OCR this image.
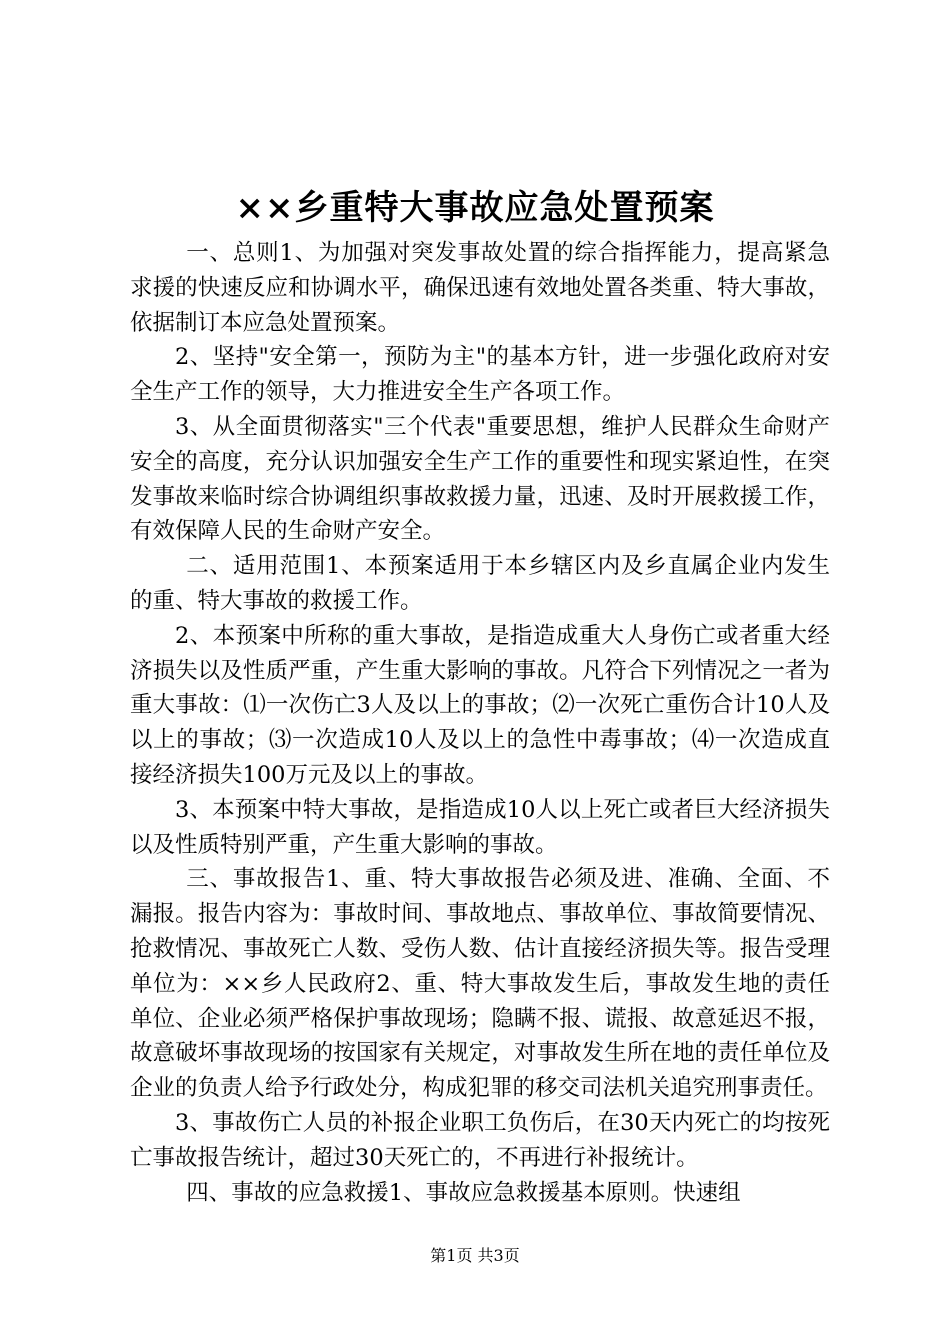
××乡重特大事故应急处置预案

一、总则1、为加强对突发事故处置的综合指挥能力，提高紧急求援的快速反应和协调水平，确保迅速有效地处置各类重、特大事故，依据制订本应急处置预案。

2、坚持"安全第一，预防为主"的基本方针，进一步强化政府对安全生产工作的领导，大力推进安全生产各项工作。

3、从全面贯彻落实"三个代表"重要思想，维护人民群众生命财产安全的高度，充分认识加强安全生产工作的重要性和现实紧迫性，在突发事故来临时综合协调组织事故救援力量，迅速、及时开展救援工作，有效保障人民的生命财产安全。

二、适用范围1、本预案适用于本乡辖区内及乡直属企业内发生的重、特大事故的救援工作。

2、本预案中所称的重大事故，是指造成重大人身伤亡或者重大经济损失以及性质严重，产生重大影响的事故。凡符合下列情况之一者为重大事故：⑴一次伤亡3人及以上的事故；⑵一次死亡重伤合计10人及以上的事故；⑶一次造成10人及以上的急性中毒事故；⑷一次造成直接经济损失100万元及以上的事故。

3、本预案中特大事故，是指造成10人以上死亡或者巨大经济损失以及性质特别严重，产生重大影响的事故。

三、事故报告1、重、特大事故报告必须及进、准确、全面、不漏报。报告内容为：事故时间、事故地点、事故单位、事故简要情况、抢救情况、事故死亡人数、受伤人数、估计直接经济损失等。报告受理单位为：××乡人民政府2、重、特大事故发生后，事故发生地的责任单位、企业必须严格保护事故现场；隐瞒不报、谎报、故意延迟不报，故意破坏事故现场的按国家有关规定，对事故发生所在地的责任单位及企业的负责人给予行政处分，构成犯罪的移交司法机关追究刑事责任。

3、事故伤亡人员的补报企业职工负伤后，在30天内死亡的均按死亡事故报告统计，超过30天死亡的，不再进行补报统计。

四、事故的应急救援1、事故应急救援基本原则。快速组

第1页 共3页
